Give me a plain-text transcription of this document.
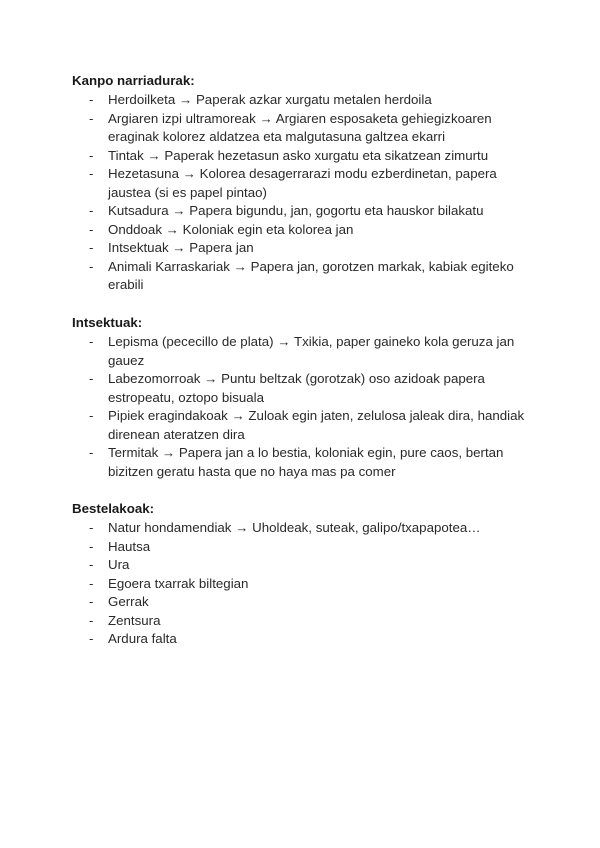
Kanpo narriadurak:
- Herdoilketa → Paperak azkar xurgatu metalen herdoila
- Argiaren izpi ultramoreak → Argiaren esposaketa gehiegizkoaren eraginak kolorez aldatzea eta malgutasuna galtzea ekarri
- Tintak → Paperak hezetasun asko xurgatu eta sikatzean zimurtu
- Hezetasuna → Kolorea desagerrarazi modu ezberdinetan, papera jaustea (si es papel pintao)
- Kutsadura → Papera bigundu, jan, gogortu eta hauskor bilakatu
- Onddoak → Koloniak egin eta kolorea jan
- Intsektuak → Papera jan
- Animali Karraskariak → Papera jan, gorotzen markak, kabiak egiteko erabili
Intsektuak:
- Lepisma (pececillo de plata) → Txikia, paper gaineko kola geruza jan gauez
- Labezomorroak → Puntu beltzak (gorotzak) oso azidoak papera estropeatu, oztopo bisuala
- Pipiek eragindakoak → Zuloak egin jaten, zelulosa jaleak dira, handiak direnean ateratzen dira
- Termitak → Papera jan a lo bestia, koloniak egin, pure caos, bertan bizitzen geratu hasta que no haya mas pa comer
Bestelakoak:
- Natur hondamendiak → Uholdeak, suteak, galipo/txapapotea…
- Hautsa
- Ura
- Egoera txarrak biltegian
- Gerrak
- Zentsura
- Ardura falta
